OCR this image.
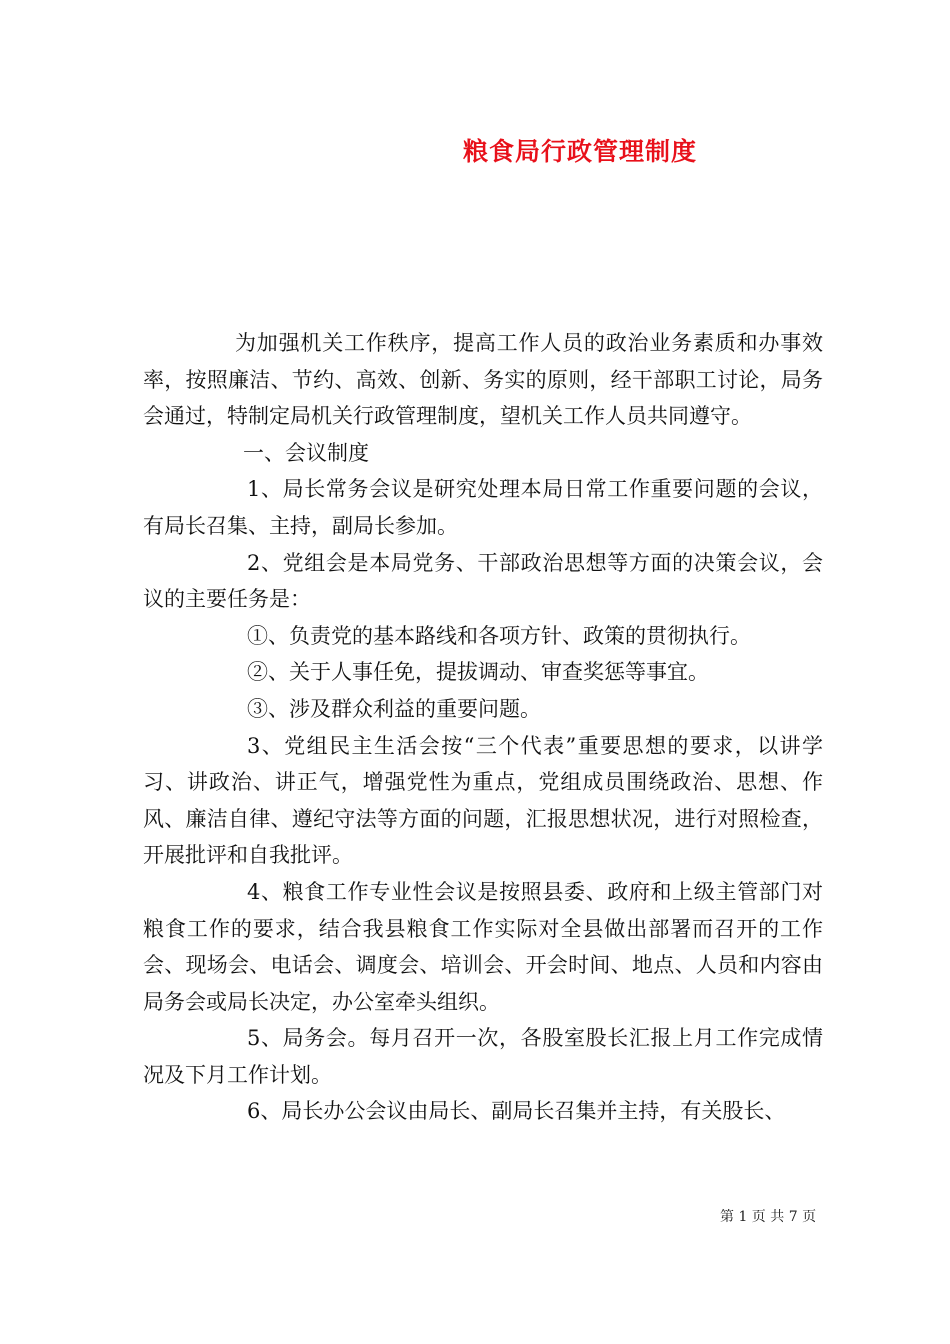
粮食局行政管理制度

为加强机关工作秩序，提高工作人员的政治业务素质和办事效率，按照廉洁、节约、高效、创新、务实的原则，经干部职工讨论，局务会通过，特制定局机关行政管理制度，望机关工作人员共同遵守。

一、会议制度

1、局长常务会议是研究处理本局日常工作重要问题的会议，有局长召集、主持，副局长参加。

2、党组会是本局党务、干部政治思想等方面的决策会议，会议的主要任务是：

①、负责党的基本路线和各项方针、政策的贯彻执行。

②、关于人事任免，提拔调动、审查奖惩等事宜。

③、涉及群众利益的重要问题。

3、党组民主生活会按“三个代表”重要思想的要求，以讲学习、讲政治、讲正气，增强党性为重点，党组成员围绕政治、思想、作风、廉洁自律、遵纪守法等方面的问题，汇报思想状况，进行对照检查，开展批评和自我批评。

4、粮食工作专业性会议是按照县委、政府和上级主管部门对粮食工作的要求，结合我县粮食工作实际对全县做出部署而召开的工作会、现场会、电话会、调度会、培训会、开会时间、地点、人员和内容由局务会或局长决定，办公室牵头组织。

5、局务会。每月召开一次，各股室股长汇报上月工作完成情况及下月工作计划。

6、局长办公会议由局长、副局长召集并主持，有关股长、

第 1 页 共 7 页
